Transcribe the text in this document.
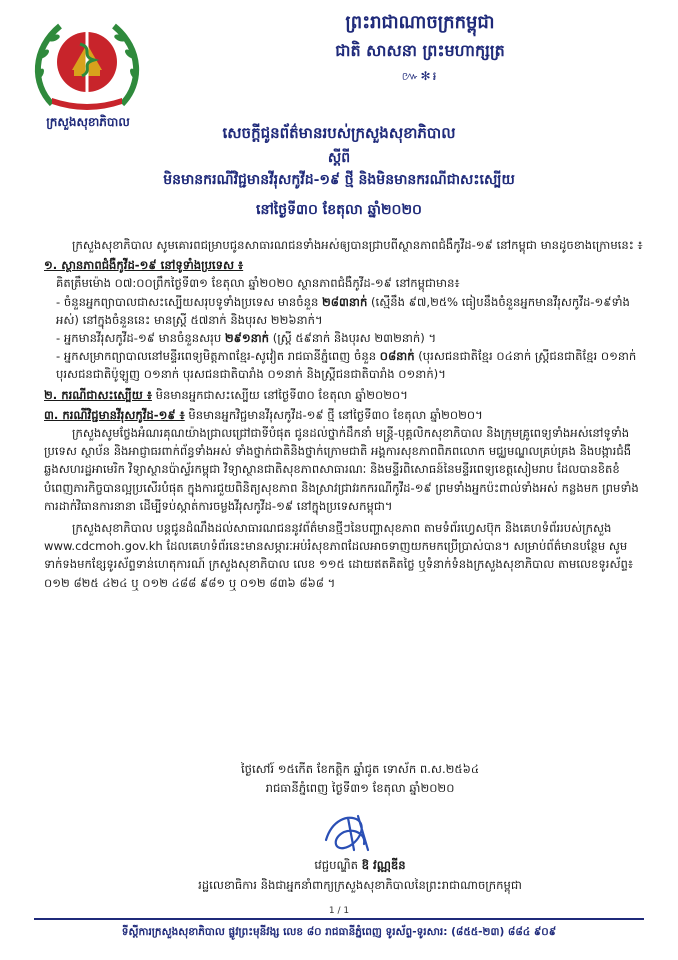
ក្រសួងសុខាភិបាល
ព្រះរាជាណាចក្រកម្ពុជា
ជាតិ សាសនា ព្រះមហាក្សត្រ
៚✻៛
សេចក្តីជូនព័ត៌មានរបស់ក្រសួងសុខាភិបាល
ស្តីពី
មិនមានករណីវិជ្ជមានវីរុសកូវីដ-១៩ ថ្មី និងមិនមានករណីជាសះស្បើយ
នៅថ្ងៃទី៣០ ខែតុលា ឆ្នាំ២០២០

ក្រសួងសុខាភិបាល សូមគោរពជម្រាបជូនសាធារណជនទាំងអស់ឲ្យបានជ្រាបពីស្ថានភាពជំងឺកូវីដ-១៩ នៅកម្ពុជា មានដូចខាងក្រោមនេះ ៖

១. ស្ថានភាពជំងឺកូវីដ-១៩ នៅទូទាំងប្រទេស ៖

គិតត្រឹមម៉ោង ០៧:០០ព្រឹកថ្ងៃទី៣១ ខែតុលា ឆ្នាំ២០២០ ស្ថានភាពជំងឺកូវីដ-១៩ នៅកម្ពុជាមាន៖

- ចំនួនអ្នកព្យាបាលជាសះស្បើយសរុបទូទាំងប្រទេស មានចំនួន ២៨៣នាក់ (ស្មើនឹង ៩៧,២៥% ធៀបនឹងចំនួនអ្នកមានវីរុសកូវីដ-១៩ទាំងអស់) នៅក្នុងចំនួននេះ មានស្ត្រី ៥៧នាក់ និងបុរស ២២៦នាក់។

- អ្នកមានវីរុសកូវីដ-១៩ មានចំនួនសរុប ២៩១នាក់ (ស្ត្រី ៥៩នាក់ និងបុរស ២៣២នាក់) ។

- អ្នកសម្រាកព្យាបាលនៅមន្ទីរពេទ្យមិត្តភាពខ្មែរ-សូវៀត រាជធានីភ្នំពេញ ចំនួន ០៨នាក់ (បុរសជនជាតិខ្មែរ ០៤នាក់ ស្ត្រីជនជាតិខ្មែរ ០១នាក់ បុរសជនជាតិប៉ូឡូញ ០១នាក់ បុរសជនជាតិបារាំង ០១នាក់ និងស្ត្រីជនជាតិបារាំង ០១នាក់)។

២. ករណីជាសះស្បើយ ៖ មិនមានអ្នកជាសះស្បើយ នៅថ្ងៃទី៣០ ខែតុលា ឆ្នាំ២០២០។

៣. ករណីវិជ្ជមានវីរុសកូវីដ-១៩ ៖ មិនមានអ្នកវិជ្ជមានវីរុសកូវីដ-១៩ ថ្មី នៅថ្ងៃទី៣០ ខែតុលា ឆ្នាំ២០២០។

ក្រសួងសូមថ្លែងអំណរគុណយ៉ាងជ្រាលជ្រៅជាទីបំផុត ជូនដល់ថ្នាក់ដឹកនាំ មន្ត្រី-បុគ្គលិកសុខាភិបាល និងក្រុមគ្រូពេទ្យទាំងអស់នៅទូទាំងប្រទេស ស្ថាប័ន និងអាជ្ញាធរពាក់ព័ន្ធទាំងអស់ ទាំងថ្នាក់ជាតិនិងថ្នាក់ក្រោមជាតិ អង្គការសុខភាពពិភពលោក មជ្ឈមណ្ឌលគ្រប់គ្រង និងបង្ការជំងឺឆ្លងសហរដ្ឋអាមេរិក វិទ្យាស្ថានប៉ាស្ទ័រកម្ពុជា វិទ្យាស្ថានជាតិសុខភាពសាធារណៈ និងមន្ទីរពិសោធន៍នៃមន្ទីរពេទ្យខេត្តសៀមរាប ដែលបានខិតខំបំពេញភារកិច្ចបានល្អប្រសើរបំផុត ក្នុងការជួយពិនិត្យសុខភាព និងស្រាវជ្រាវរកករណីកូវីដ-១៩ ព្រមទាំងអ្នកប៉ះពាល់ទាំងអស់ កន្លងមក ព្រមទាំងការដាក់វិធានការនានា ដើម្បីទប់ស្កាត់ការចម្លងវីរុសកូវីដ-១៩ នៅក្នុងប្រទេសកម្ពុជា។

ក្រសួងសុខាភិបាល បន្តជូនដំណឹងដល់សាធារណជននូវព័ត៌មានថ្មីៗនៃបញ្ហាសុខភាព តាមទំព័រហ្វេសប៊ុក និងគេហទំព័ររបស់ក្រសួង www.cdcmoh.gov.kh ដែលគេហទំព័រនេះមានសម្ភារៈអប់រំសុខភាពដែលអាចទាញយកមកប្រើប្រាស់បាន។ សម្រាប់ព័ត៌មានបន្ថែម សូមទាក់ទងមកខ្សែទូរស័ព្ទទាន់ហេតុការណ៍ ក្រសួងសុខាភិបាល លេខ ១១៥ ដោយឥតគិតថ្លៃ ឬទំនាក់ទំនងក្រសួងសុខាភិបាល តាមលេខទូរស័ព្ទ៖ ០១២ ៨២៥ ៤២៤ ឬ ០១២ ៤៨៨ ៩៨១ ឬ ០១២ ៨៣៦ ៨៦៨ ។

ថ្ងៃសៅរ៍ ១៥កើត ខែកត្តិក ឆ្នាំជូត ទោស័ក ព.ស.២៥៦៤
រាជធានីភ្នំពេញ ថ្ងៃទី៣១ ខែតុលា ឆ្នាំ២០២០
វេជ្ជបណ្ឌិត ឱ វណ្ណឌីន
រដ្ឋលេខាធិការ និងជាអ្នកនាំពាក្យក្រសួងសុខាភិបាលនៃព្រះរាជាណាចក្រកម្ពុជា
1 / 1
ទីស្តីការក្រសួងសុខាភិបាល ផ្លូវព្រះមុនីវង្ស លេខ ៨០ រាជធានីភ្នំពេញ ទូរស័ព្ទ-ទូរសារ: (៨៥៥-២៣) ៨៨៤ ៩០៩
